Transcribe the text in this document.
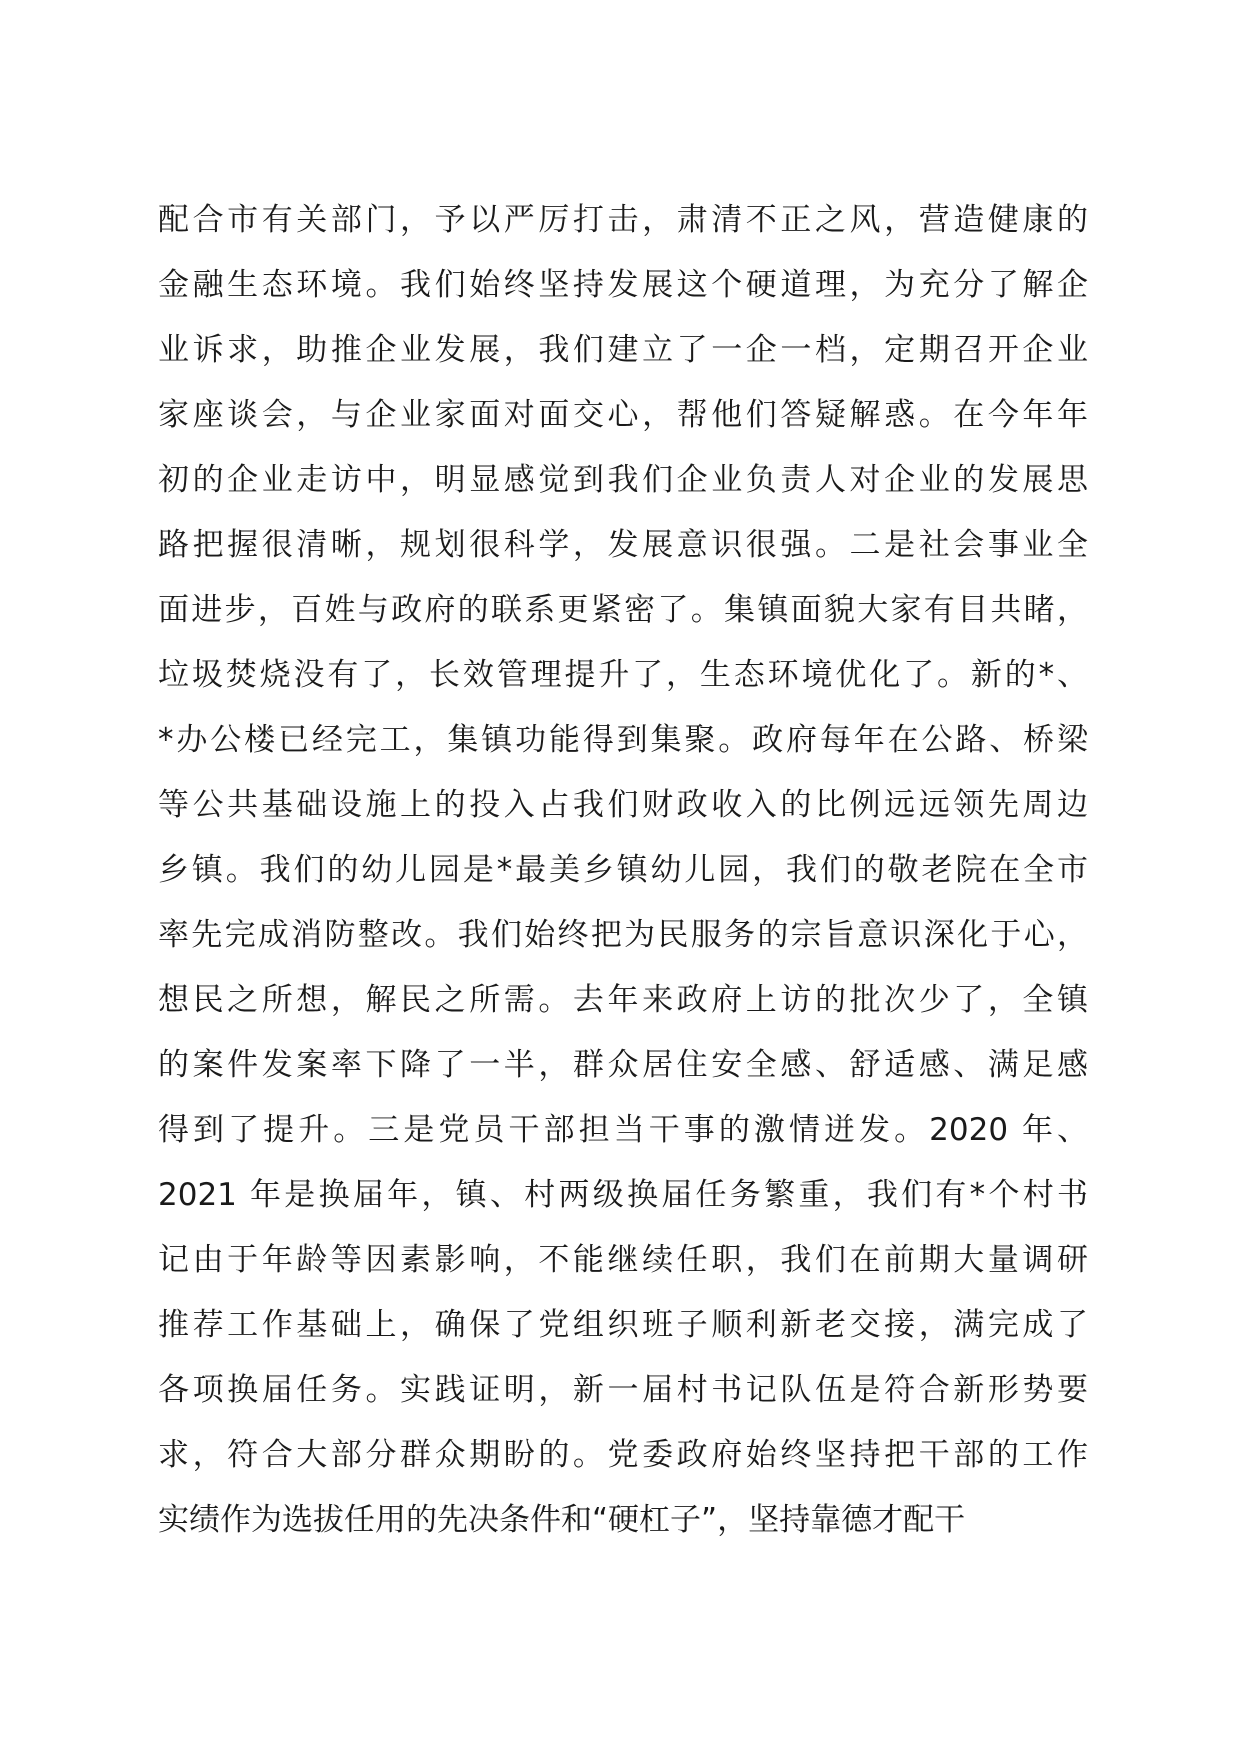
配合市有关部门，予以严厉打击，肃清不正之风，营造健康的
金融生态环境。我们始终坚持发展这个硬道理，为充分了解企
业诉求，助推企业发展，我们建立了一企一档，定期召开企业
家座谈会，与企业家面对面交心，帮他们答疑解惑。在今年年
初的企业走访中，明显感觉到我们企业负责人对企业的发展思
路把握很清晰，规划很科学，发展意识很强。二是社会事业全
面进步，百姓与政府的联系更紧密了。集镇面貌大家有目共睹，
垃圾焚烧没有了，长效管理提升了，生态环境优化了。新的*、
*办公楼已经完工，集镇功能得到集聚。政府每年在公路、桥梁
等公共基础设施上的投入占我们财政收入的比例远远领先周边
乡镇。我们的幼儿园是*最美乡镇幼儿园，我们的敬老院在全市
率先完成消防整改。我们始终把为民服务的宗旨意识深化于心，
想民之所想，解民之所需。去年来政府上访的批次少了，全镇
的案件发案率下降了一半，群众居住安全感、舒适感、满足感
得到了提升。三是党员干部担当干事的激情迸发。2020 年、
2021 年是换届年，镇、村两级换届任务繁重，我们有*个村书
记由于年龄等因素影响，不能继续任职，我们在前期大量调研
推荐工作基础上，确保了党组织班子顺利新老交接，满完成了
各项换届任务。实践证明，新一届村书记队伍是符合新形势要
求，符合大部分群众期盼的。党委政府始终坚持把干部的工作
实绩作为选拔任用的先决条件和“硬杠子”，坚持靠德才配干
